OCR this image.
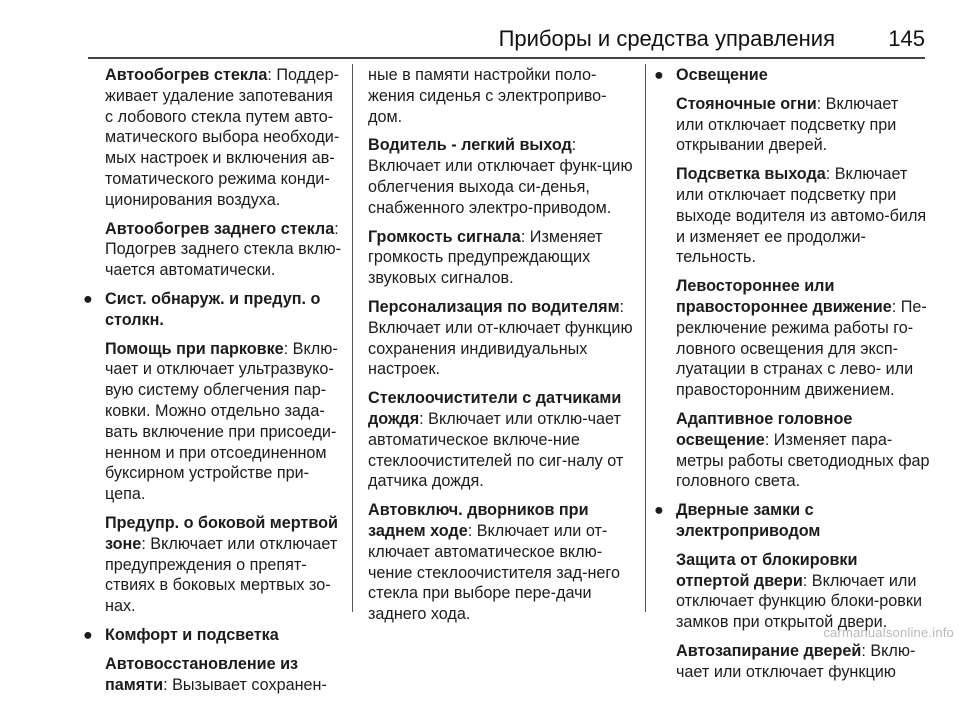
Приборы и средства управления 145
Автообогрев стекла: Поддер-живает удаление запотевания с лобового стекла путем авто-матического выбора необходи-мых настроек и включения ав-томатического режима конди-ционирования воздуха.
Автообогрев заднего стекла: Подогрев заднего стекла вклю-чается автоматически.
● Сист. обнаруж. и предуп. о столкн.
Помощь при парковке: Вклю-чает и отключает ультразвуко-вую систему облегчения пар-ковки. Можно отдельно зада-вать включение при присоеди-ненном и при отсоединенном буксирном устройстве при-цепа.
Предупр. о боковой мертвой зоне: Включает или отключает предупреждения о препят-ствиях в боковых мертвых зо-нах.
● Комфорт и подсветка
Автовосстановление из памяти: Вызывает сохранен-
ные в памяти настройки поло-жения сиденья с электроприво-дом.
Водитель - легкий выход: Включает или отключает функ-цию облегчения выхода си-денья, снабженного электро-приводом.
Громкость сигнала: Изменяет громкость предупреждающих звуковых сигналов.
Персонализация по водителям: Включает или от-ключает функцию сохранения индивидуальных настроек.
Стеклоочистители с датчиками дождя: Включает или отклю-чает автоматическое включе-ние стеклоочистителей по сиг-налу от датчика дождя.
Автовключ. дворников при заднем ходе: Включает или от-ключает автоматическое вклю-чение стеклоочистителя зад-него стекла при выборе пере-дачи заднего хода.
● Освещение
Стояночные огни: Включает или отключает подсветку при открывании дверей.
Подсветка выхода: Включает или отключает подсветку при выходе водителя из автомо-биля и изменяет ее продолжи-тельность.
Левостороннее или правостороннее движение: Пе-реключение режима работы го-ловного освещения для эксп-луатации в странах с лево- или правосторонним движением.
Адаптивное головное освещение: Изменяет пара-метры работы светодиодных фар головного света.
● Дверные замки с электроприводом
Защита от блокировки отпертой двери: Включает или отключает функцию блоки-ровки замков при открытой двери.
Автозапирание дверей: Вклю-чает или отключает функцию
carmanualsonline.info
